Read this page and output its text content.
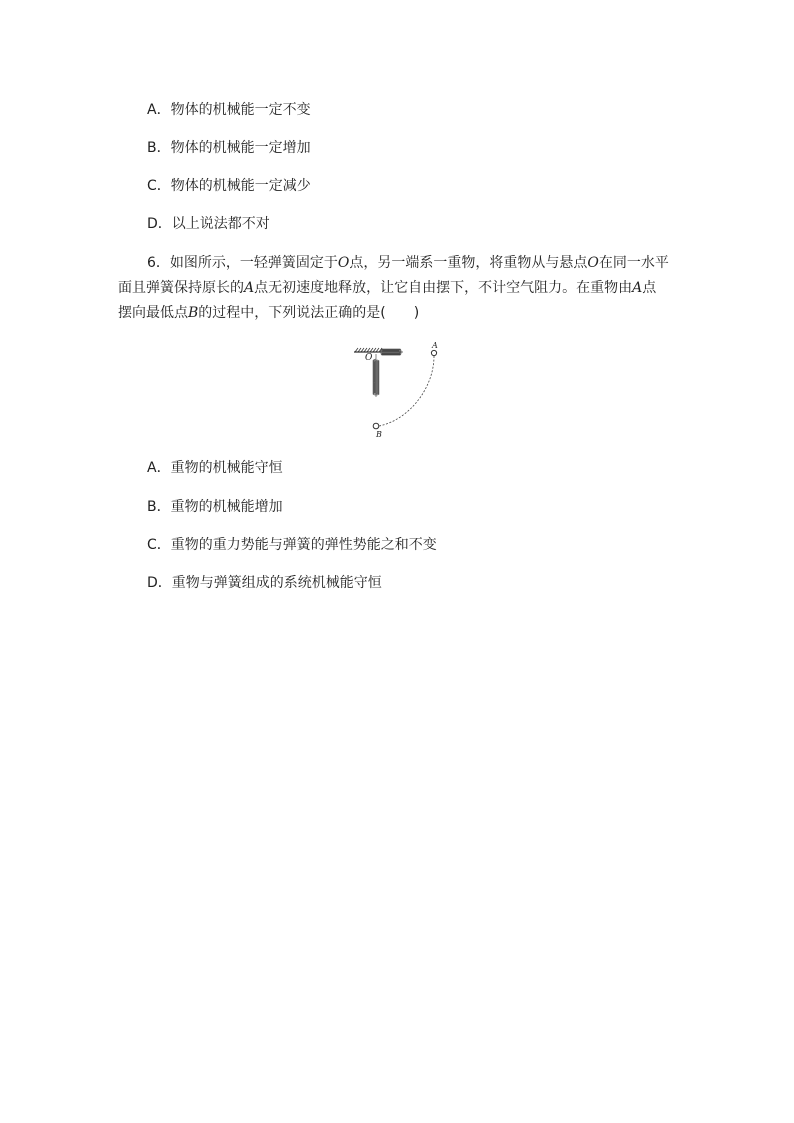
A．物体的机械能一定不变
B．物体的机械能一定增加
C．物体的机械能一定减少
D．以上说法都不对
6．如图所示，一轻弹簧固定于O点，另一端系一重物，将重物从与悬点O在同一水平
面且弹簧保持原长的A点无初速度地释放，让它自由摆下，不计空气阻力。在重物由A点
摆向最低点B的过程中，下列说法正确的是(　　)
O
A
B
A．重物的机械能守恒
B．重物的机械能增加
C．重物的重力势能与弹簧的弹性势能之和不变
D．重物与弹簧组成的系统机械能守恒
